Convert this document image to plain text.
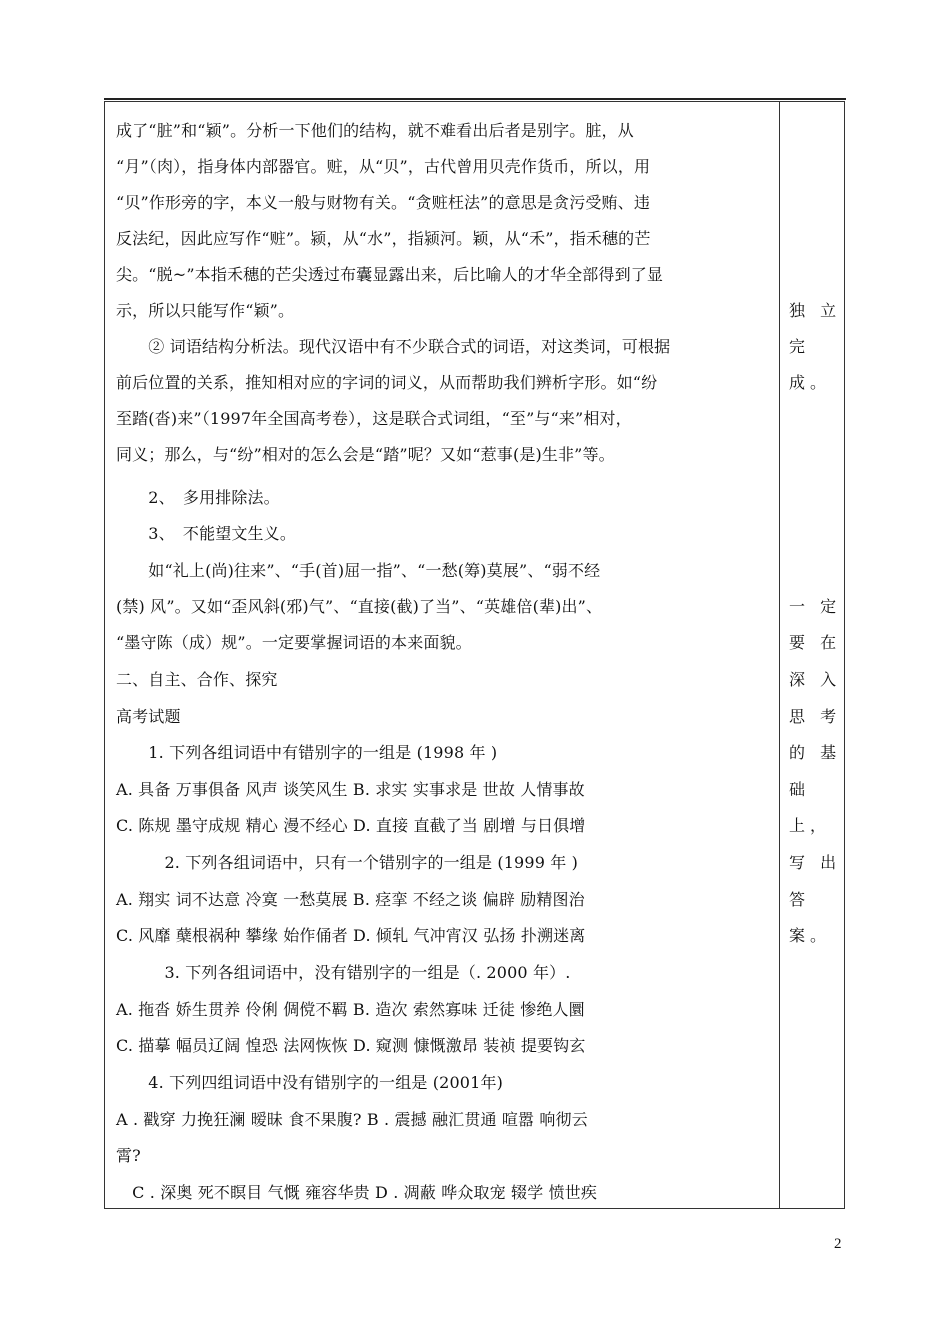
成了“脏”和“颖”。分析一下他们的结构，就不难看出后者是别字。脏，从
“月”（肉），指身体内部器官。赃，从“贝”，古代曾用贝壳作货币，所以，用
“贝”作形旁的字，本义一般与财物有关。“贪赃枉法”的意思是贪污受贿、违
反法纪，因此应写作“赃”。颍，从“水”，指颍河。颖，从“禾”，指禾穗的芒
尖。“脱~”本指禾穗的芒尖透过布囊显露出来，后比喻人的才华全部得到了显
示，所以只能写作“颖”。
　　② 词语结构分析法。现代汉语中有不少联合式的词语，对这类词，可根据
前后位置的关系，推知相对应的字词的词义，从而帮助我们辨析字形。如“纷
至踏(沓)来”（1997年全国高考卷），这是联合式词组，“至”与“来”相对，
同义；那么，与“纷”相对的怎么会是“踏”呢？又如“惹事(是)生非”等。
　　2、　多用排除法。
　　3、　不能望文生义。
　　如“礼上(尚)往来”、“手(首)屈一指”、“一愁(筹)莫展”、“弱不经
(禁) 风”。又如“歪风斜(邪)气”、“直接(截)了当”、“英雄倍(辈)出”、
“墨守陈（成）规”。一定要掌握词语的本来面貌。
二、自主、合作、探究
高考试题
　　1. 下列各组词语中有错别字的一组是 (1998 年 )
A. 具备 万事俱备 风声 谈笑风生 B. 求实 实事求是 世故 人情事故
C. 陈规 墨守成规 精心 漫不经心 D. 直接 直截了当 剧增 与日俱增
　　　2. 下列各组词语中，只有一个错别字的一组是 (1999 年 )
A. 翔实 词不达意 冷寞 一愁莫展 B. 痉挛 不经之谈 偏辟 励精图治
C. 风靡 蘖根祸种 攀缘 始作俑者 D. 倾轧 气冲宵汉 弘扬 扑溯迷离
　　　3. 下列各组词语中，没有错别字的一组是（. 2000 年）.
A. 拖沓 娇生贯养 伶俐 倜傥不羁 B. 造次 索然寡味 迁徒 惨绝人圜
C. 描摹 幅员辽阔 惶恐 法网恢恢 D. 窥测 慷慨激昂 装祯 提要钩玄
　　4. 下列四组词语中没有错别字的一组是 (2001年)
A . 戳穿 力挽狂澜 暧昧 食不果腹? B . 震撼 融汇贯通 喧嚣 响彻云
霄?
　C . 深奥 死不瞑目 气慨 雍容华贵 D . 凋蔽 哗众取宠 辍学 愤世疾
独 立
完
成。
一 定
要 在
深 入
思 考
的 基
础
上，
写 出
答
案。
2
